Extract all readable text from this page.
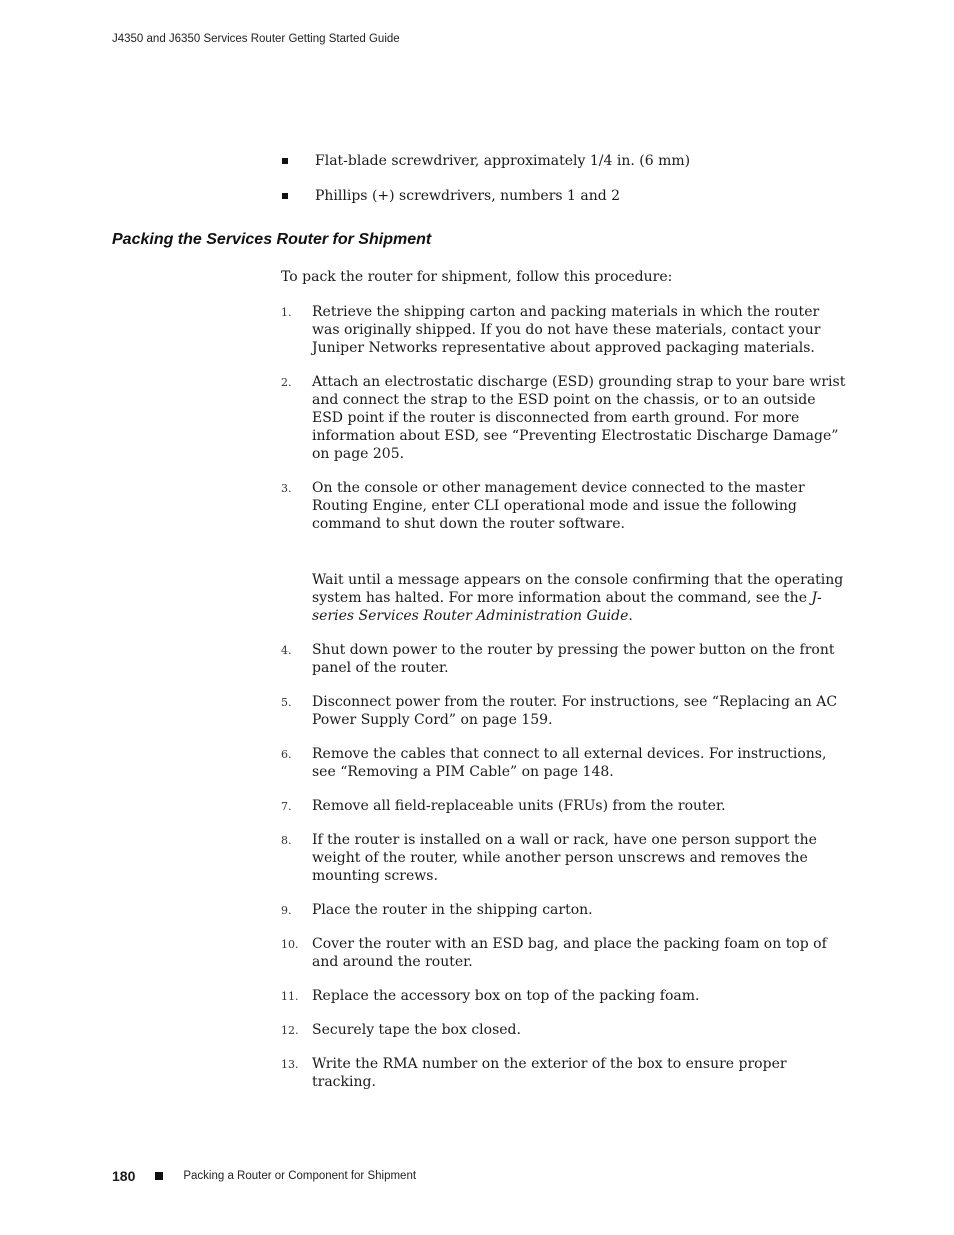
J4350 and J6350 Services Router Getting Started Guide
Flat-blade screwdriver, approximately 1/4 in. (6 mm)
Phillips (+) screwdrivers, numbers 1 and 2
Packing the Services Router for Shipment
To pack the router for shipment, follow this procedure:
1. Retrieve the shipping carton and packing materials in which the router was originally shipped. If you do not have these materials, contact your Juniper Networks representative about approved packaging materials.
2. Attach an electrostatic discharge (ESD) grounding strap to your bare wrist and connect the strap to the ESD point on the chassis, or to an outside ESD point if the router is disconnected from earth ground. For more information about ESD, see “Preventing Electrostatic Discharge Damage” on page 205.
3. On the console or other management device connected to the master Routing Engine, enter CLI operational mode and issue the following command to shut down the router software.
Wait until a message appears on the console confirming that the operating system has halted. For more information about the command, see the J-series Services Router Administration Guide.
4. Shut down power to the router by pressing the power button on the front panel of the router.
5. Disconnect power from the router. For instructions, see “Replacing an AC Power Supply Cord” on page 159.
6. Remove the cables that connect to all external devices. For instructions, see “Removing a PIM Cable” on page 148.
7. Remove all field-replaceable units (FRUs) from the router.
8. If the router is installed on a wall or rack, have one person support the weight of the router, while another person unscrews and removes the mounting screws.
9. Place the router in the shipping carton.
10. Cover the router with an ESD bag, and place the packing foam on top of and around the router.
11. Replace the accessory box on top of the packing foam.
12. Securely tape the box closed.
13. Write the RMA number on the exterior of the box to ensure proper tracking.
180	Packing a Router or Component for Shipment
